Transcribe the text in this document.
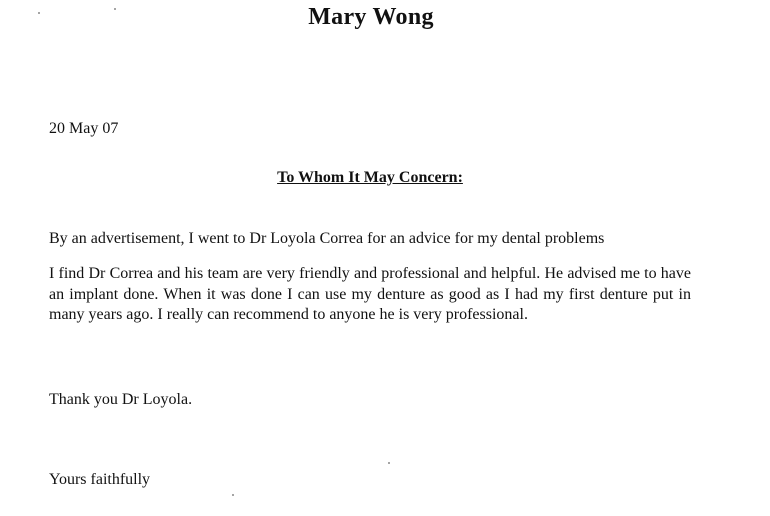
Mary Wong
20 May 07
To Whom It May Concern:
By an advertisement, I went to Dr Loyola Correa for an advice for my dental problems
I find Dr Correa and his team are very friendly and professional and helpful. He advised me to have an implant done. When it was done I can use my denture as good as I had my first denture put in many years ago. I really can recommend to anyone he is very professional.
Thank you Dr Loyola.
Yours faithfully
